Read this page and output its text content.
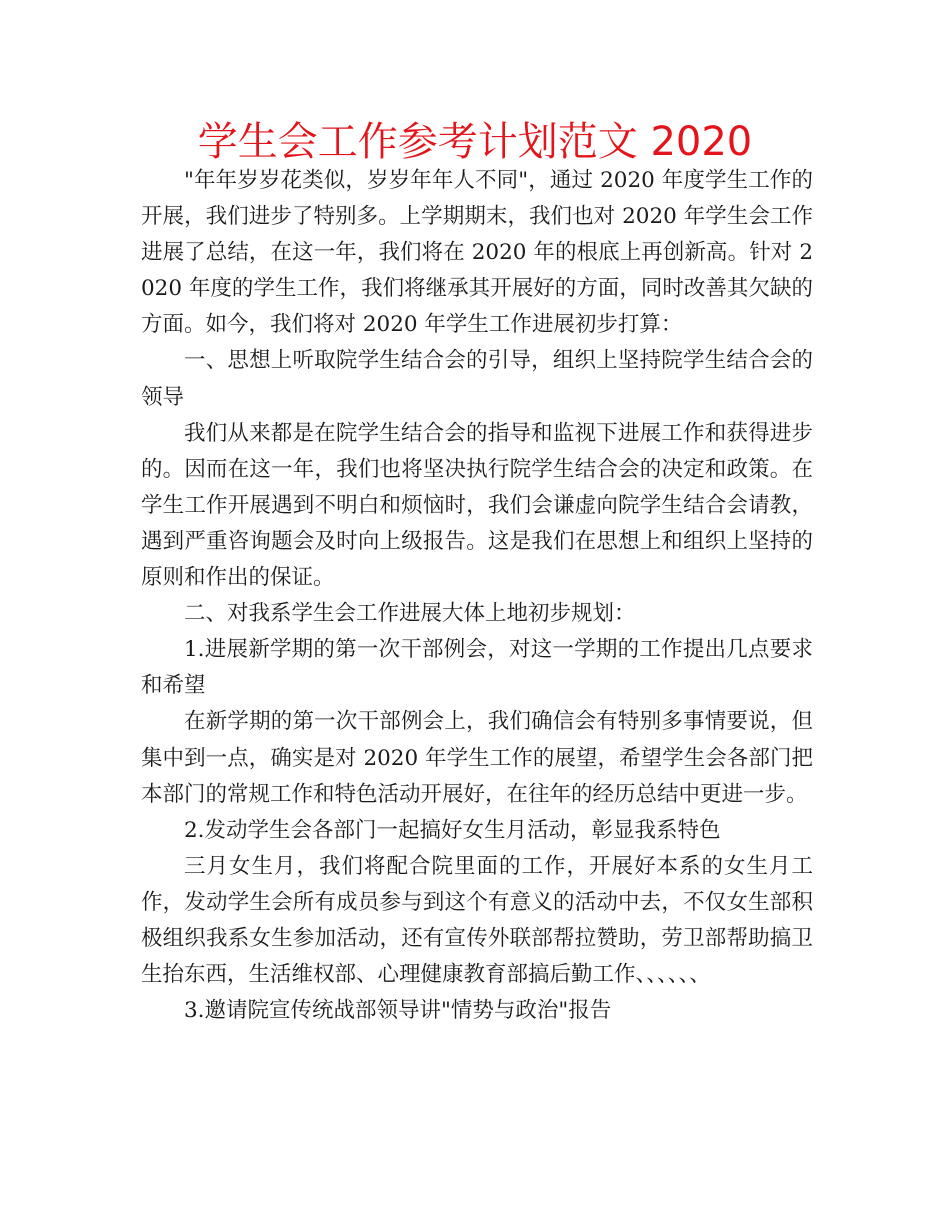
学生会工作参考计划范文 2020

"年年岁岁花类似，岁岁年年人不同"，通过 2020 年度学生工作的开展，我们进步了特别多。上学期期末，我们也对 2020 年学生会工作进展了总结，在这一年，我们将在 2020 年的根底上再创新高。针对 2020 年度的学生工作，我们将继承其开展好的方面，同时改善其欠缺的方面。如今，我们将对 2020 年学生工作进展初步打算：

一、思想上听取院学生结合会的引导，组织上坚持院学生结合会的领导

我们从来都是在院学生结合会的指导和监视下进展工作和获得进步的。因而在这一年，我们也将坚决执行院学生结合会的决定和政策。在学生工作开展遇到不明白和烦恼时，我们会谦虚向院学生结合会请教，遇到严重咨询题会及时向上级报告。这是我们在思想上和组织上坚持的原则和作出的保证。

二、对我系学生会工作进展大体上地初步规划：

1.进展新学期的第一次干部例会，对这一学期的工作提出几点要求和希望

在新学期的第一次干部例会上，我们确信会有特别多事情要说，但集中到一点，确实是对 2020 年学生工作的展望，希望学生会各部门把本部门的常规工作和特色活动开展好，在往年的经历总结中更进一步。

2.发动学生会各部门一起搞好女生月活动，彰显我系特色

三月女生月，我们将配合院里面的工作，开展好本系的女生月工作，发动学生会所有成员参与到这个有意义的活动中去，不仅女生部积极组织我系女生参加活动，还有宣传外联部帮拉赞助，劳卫部帮助搞卫生抬东西，生活维权部、心理健康教育部搞后勤工作、、、、、、

3.邀请院宣传统战部领导讲"情势与政治"报告
